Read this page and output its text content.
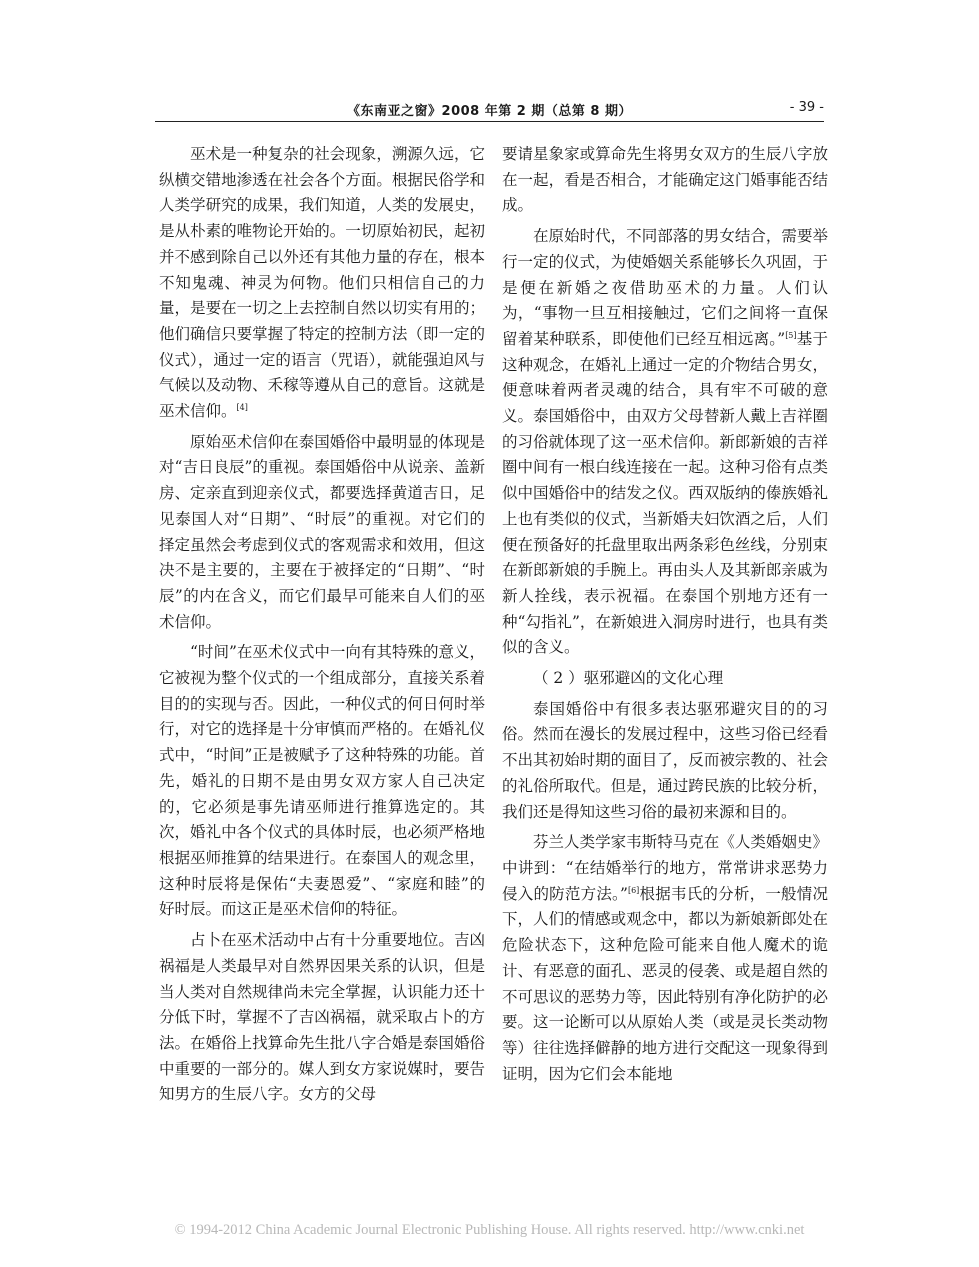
《东南亚之窗》2008 年第 2 期（总第 8 期）	- 39 -

巫术是一种复杂的社会现象，溯源久远，它纵横交错地渗透在社会各个方面。根据民俗学和人类学研究的成果，我们知道，人类的发展史，是从朴素的唯物论开始的。一切原始初民，起初并不感到除自己以外还有其他力量的存在，根本不知鬼魂、神灵为何物。他们只相信自己的力量，是要在一切之上去控制自然以切实有用的；他们确信只要掌握了特定的控制方法（即一定的仪式），通过一定的语言（咒语），就能强迫风与气候以及动物、禾稼等遵从自己的意旨。这就是巫术信仰。[4]

原始巫术信仰在泰国婚俗中最明显的体现是对“吉日良辰”的重视。泰国婚俗中从说亲、盖新房、定亲直到迎亲仪式，都要选择黄道吉日，足见泰国人对“日期”、“时辰”的重视。对它们的择定虽然会考虑到仪式的客观需求和效用，但这决不是主要的，主要在于被择定的“日期”、“时辰”的内在含义，而它们最早可能来自人们的巫术信仰。

“时间”在巫术仪式中一向有其特殊的意义，它被视为整个仪式的一个组成部分，直接关系着目的的实现与否。因此，一种仪式的何日何时举行，对它的选择是十分审慎而严格的。在婚礼仪式中，“时间”正是被赋予了这种特殊的功能。首先，婚礼的日期不是由男女双方家人自己决定的，它必须是事先请巫师进行推算选定的。其次，婚礼中各个仪式的具体时辰，也必须严格地根据巫师推算的结果进行。在泰国人的观念里，这种时辰将是保佑“夫妻恩爱”、“家庭和睦”的好时辰。而这正是巫术信仰的特征。

占卜在巫术活动中占有十分重要地位。吉凶祸福是人类最早对自然界因果关系的认识，但是当人类对自然规律尚未完全掌握，认识能力还十分低下时，掌握不了吉凶祸福，就采取占卜的方法。在婚俗上找算命先生批八字合婚是泰国婚俗中重要的一部分的。媒人到女方家说媒时，要告知男方的生辰八字。女方的父母

要请星象家或算命先生将男女双方的生辰八字放在一起，看是否相合，才能确定这门婚事能否结成。

在原始时代，不同部落的男女结合，需要举行一定的仪式，为使婚姻关系能够长久巩固，于是便在新婚之夜借助巫术的力量。人们认为，“事物一旦互相接触过，它们之间将一直保留着某种联系，即使他们已经互相远离。”[5]基于这种观念，在婚礼上通过一定的介物结合男女，便意味着两者灵魂的结合，具有牢不可破的意义。泰国婚俗中，由双方父母替新人戴上吉祥圈的习俗就体现了这一巫术信仰。新郎新娘的吉祥圈中间有一根白线连接在一起。这种习俗有点类似中国婚俗中的结发之仪。西双版纳的傣族婚礼上也有类似的仪式，当新婚夫妇饮酒之后，人们便在预备好的托盘里取出两条彩色丝线，分别束在新郎新娘的手腕上。再由头人及其新郎亲戚为新人拴线，表示祝福。在泰国个别地方还有一种“勾指礼”，在新娘进入洞房时进行，也具有类似的含义。

（ 2 ）驱邪避凶的文化心理

泰国婚俗中有很多表达驱邪避灾目的的习俗。然而在漫长的发展过程中，这些习俗已经看不出其初始时期的面目了，反而被宗教的、社会的礼俗所取代。但是，通过跨民族的比较分析，我们还是得知这些习俗的最初来源和目的。

芬兰人类学家韦斯特马克在《人类婚姻史》中讲到：“在结婚举行的地方，常常讲求恶势力侵入的防范方法。”[6]根据韦氏的分析，一般情况下，人们的情感或观念中，都以为新娘新郎处在危险状态下，这种危险可能来自他人魔术的诡计、有恶意的面孔、恶灵的侵袭、或是超自然的不可思议的恶势力等，因此特别有净化防护的必要。这一论断可以从原始人类（或是灵长类动物等）往往选择僻静的地方进行交配这一现象得到证明，因为它们会本能地

© 1994-2012 China Academic Journal Electronic Publishing House. All rights reserved. http://www.cnki.net
